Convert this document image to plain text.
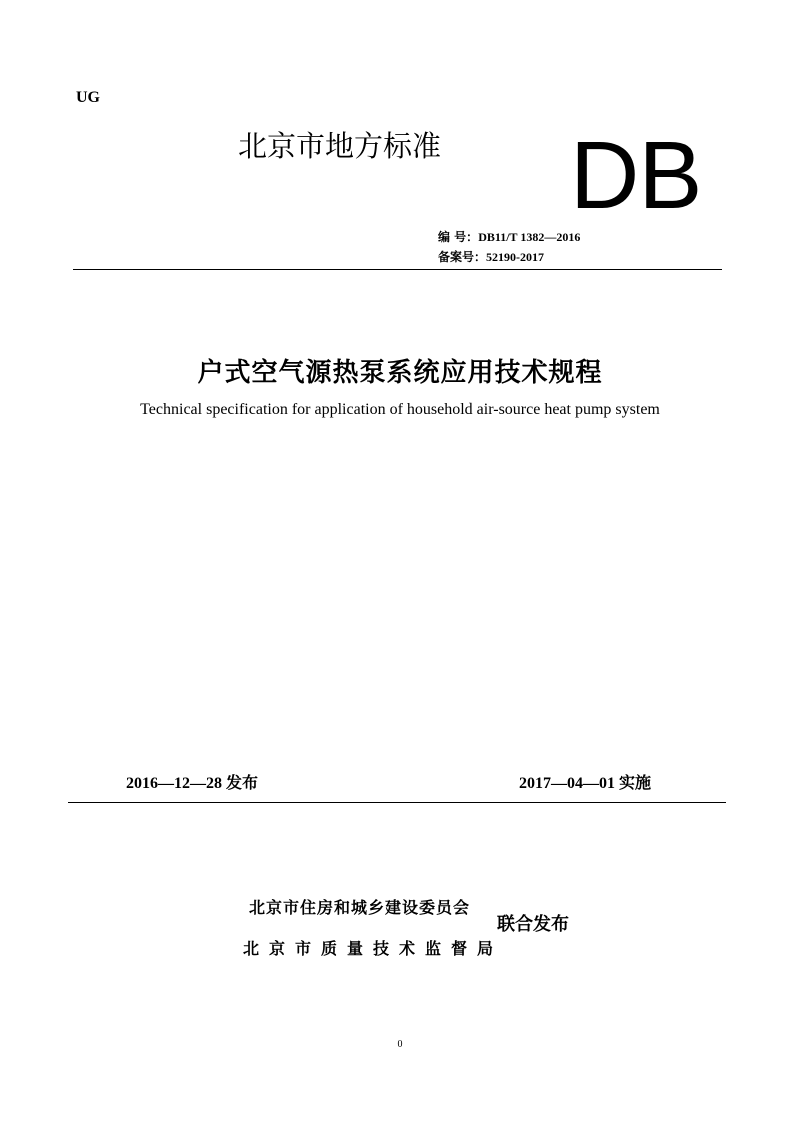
UG
北京市地方标准 DB
编 号：DB11/T 1382—2016
备案号：52190-2017
户式空气源热泵系统应用技术规程
Technical specification for application of household air-source heat pump system
2016—12—28 发布	2017—04—01 实施
北京市住房和城乡建设委员会
北京市质量技术监督局
联合发布
0
